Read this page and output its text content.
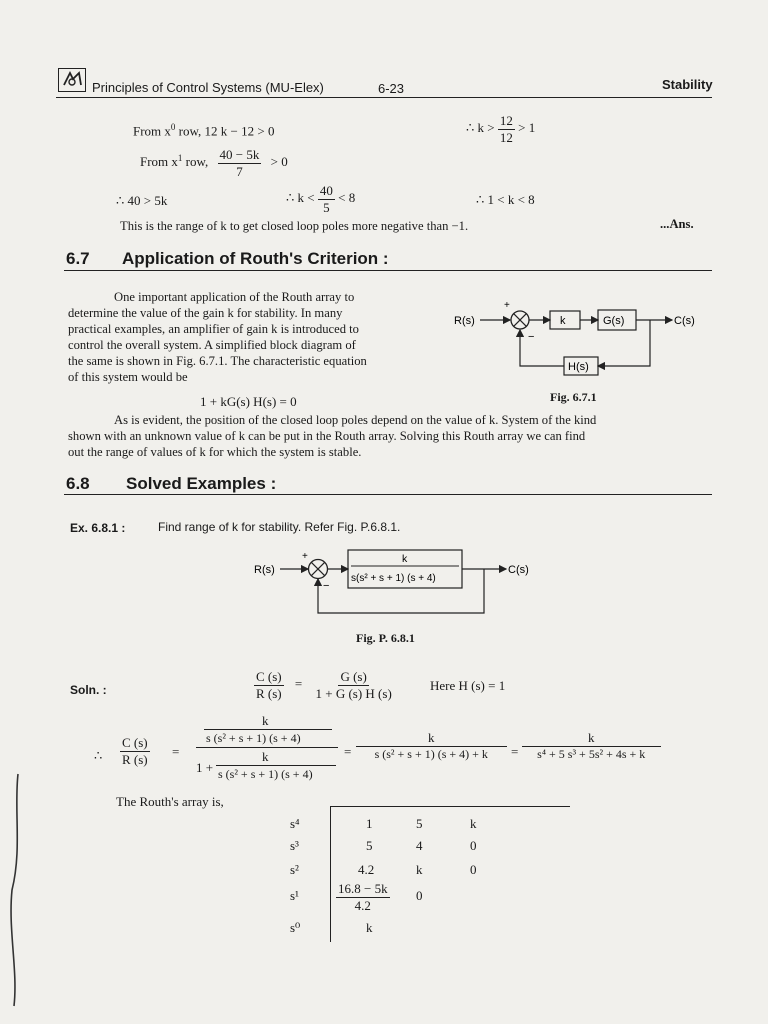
Principles of Control Systems (MU-Elex)	6-23	Stability
From $x^0$ row, 12 k − 12 > 0	∴ $k > \frac{12}{12} > 1$
From $x^1$ row, $\frac{40 - 5k}{7} > 0$
∴ 40 > 5k	∴ $k < \frac{40}{5} < 8$	∴ 1 < k < 8
This is the range of k to get closed loop poles more negative than −1.	...Ans.
6.7 Application of Routh's Criterion :
One important application of the Routh array to
determine the value of the gain k for stability. In many
practical examples, an amplifier of gain k is introduced to
control the overall system. A simplified block diagram of
the same is shown in Fig. 6.7.1. The characteristic equation
of this system would be
1 + kG(s) H(s) = 0
R(s)
+
−
k	G(s)	C(s)
H(s)
Fig. 6.7.1
As is evident, the position of the closed loop poles depend on the value of k. System of the kind
shown with an unknown value of k can be put in the Routh array. Solving this Routh array we can find
out the range of values of k for which the system is stable.
6.8 Solved Examples :
Ex. 6.8.1 :	Find range of k for stability. Refer Fig. P.6.8.1.
R(s)
+
−
k
s(s² + s + 1) (s + 4)
C(s)
Fig. P. 6.8.1
Soln. :	$\frac{C (s)}{R (s)} = \frac{G (s)}{1 + G (s) H (s)}$	Here H (s) = 1
∴ $\frac{C (s)}{R (s)}$ =
k
s (s² + s + 1) (s + 4)
1 +
k
s (s² + s + 1) (s + 4)
= $\frac{k}{\text{s (s² + s + 1) (s + 4) + k}} = \frac{k}{\text{s⁴ + 5 s³ + 5s² + 4s + k}}$
The Routh's array is,
s⁴	1	5	k
s³	5	4	0
s²	4.2	k	0
s¹	$\frac{16.8 - 5k}{4.2} 0$
s⁰	k
